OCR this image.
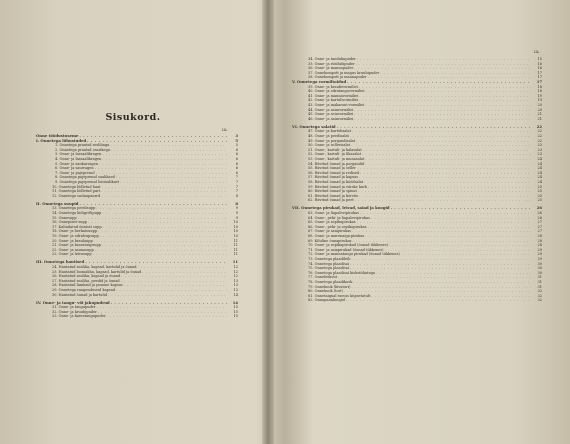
Sisukord.
Lk.
Õnne töödustuseme . . .	3
I. Õnnetega lõhustuded . . .	5
1. Õnnetega prantsd seslibaga . . .	5
2. Õnnetega prantsd osarikega . . .	6
3. Õnne- ja lassaalibragen . . .	6
4. Õnne- ja lassaalibragen . . .	6
5. Õnne- ja sankurragen . . .	6
6. Õnne- ja saurragen . . .	6
7. Õnne- ja pajeprennl . . .	6
8. Õnnetega pajeprennl sualikaed . . .	7
9. Õnnetega pajeprennl lentualikaet . . .	7
10. Õnnetega lõdletud haat . . .	7
11. Õnnetega lõdletud part . . .	7
12. Õnnetega saslaapanrrd . . .	8
II. Õnnetega suupid . . .	8
13. Õnnetega peedisupp . . .	9
14. Õnnetega liidigvõlipupp . . .	9
15. Õnnesupp . . .	9
16. Õnnepiree-supp . . .	10
17. Kalindatud õnnisei supp . . .	10
18. Õnne- ja herkatsuupp . . .	10
19. Õnne- ja odralsupsupp . . .	10
20. Õnne- ja kraulaupp . . .	11
21. Õnne- ja kasrataupsupp . . .	11
22. Õnne- ja saunasupp . . .	11
23. Õnne- ja leivasupp . . .	11
III. Õnnetega hautised . . .	11
24. Hautatud sealiha, kapsad, kartulid ja õunad . . .	12
25. Hautatud loomaliha, kapsad, kartulid ja õunad . . .	12
26. Hautatud sealiha, kapsad ja õunad . . .	12
27. Hautatud sealiha, peedid ja õunad . . .	13
28. Hautatud lambaid ja punane kapsas . . .	13
29. Õnnetega rangenduseid kapsad . . .	13
30. Hautatud õunad ja kartulid . . .	14
IV. Õnne- ja tangu- või jahupudrud . . .	14
31. Õnne- ja tangupuder . . .	15
32. Õnne- ja kruubipuder . . .	15
33. Õnne- ja kaeratangupuder . . .	15
Lk.
34. Õnne- ja tandukupuder . . .	15
35. Õnne- ja riisihüüpuder . . .	16
36. Õnne- ja mannapuder . . .	16
37. Õnnekompott ja magus kruubipuder . . .	17
38. Õnnekompott ja mannapuder . . .	17
V. Õnnetega vormiltoidud . . .	17
39. Õnne- ja kraubivormiliei . . .	18
40. Õnne- ja odratangovormiliei . . .	18
41. Õnne- ja mannavormiliei . . .	19
42. Õnne- ja kartulivormiliei . . .	19
43. Õnne- ja makaroni-vormiliei . . .	20
44. Õnne- ja saiavormiliei . . .	20
45. Õnne- ja seiavormiliei . . .	21
46. Õnne- ja saiavormiliei . . .	21
VI. Õnnetega salatid . . .	22
47. Õnne- ja kartulisalat . . .	22
48. Õnne- ja peedisalat . . .	22
49. Õnne- ja porgandisalat . . .	22
50. Õnne- ja sellerisalat . . .	23
51. Õnne-, kartuli- ja kalasalat . . .	23
52. Õnne-, kartuli- ja lihasalat . . .	23
53. Õnne-, kartuli- ja munasalat . . .	24
54. Riivitud õunad ja porgandid . . .	24
55. Riivitud õunad ja seller . . .	24
56. Riivitud õunad ja redised . . .	24
57. Riivitud õunad ja kapsas . . .	24
58. Riivitud õunad ja kõõdsalat . . .	24
59. Riivitud õunad ja värske kurk . . .	25
60. Riivitud õunad ja spinat . . .	25
61. Riivitud õunad ja kõrvits . . .	25
62. Riivitud õunad ja peet . . .	25
VII. Õnnetega pirukad, leivad, saiad ja koogid . . .	26
63. Õnne- ja liapalevipirukas . . .	26
64. Õnne-, peki- ja liapalevipirukas . . .	26
65. Õnne- ja sepikupirukas . . .	27
66. Õnne-, peki- ja sepikupirukas . . .	27
67. Õnne- ja saiapirukas . . .	27
68. Õnne- ja murenaiga-pirukas . . .	28
69. Kiluline õunapirukas . . .	28
70. Õnne- ja sepikupirukad (õunad tükkenes) . . .	28
71. Õnne- ja saiapirukad (õunad tükkenes) . . .	29
72. Õnne- ja mannatangu pirukad (õunad tükkenes) . . .	29
73. Õnnetega plaadileib . . .	29
74. Õnnetega plaadisai . . .	30
75. Õnnetega plaadisai . . .	30
76. Õnnetega plaadisai biskviitkatega . . .	30
77. Õnnebiskviit . . .	31
78. Õnnetega plaadikook . . .	31
79. Õnnekook (liivatort) . . .	31
80. Õnnekook (tort) . . .	32
81. Õnnetaignal rasvas küpsetatult . . .	32
82. Õnnapannkoogid . . .	32
